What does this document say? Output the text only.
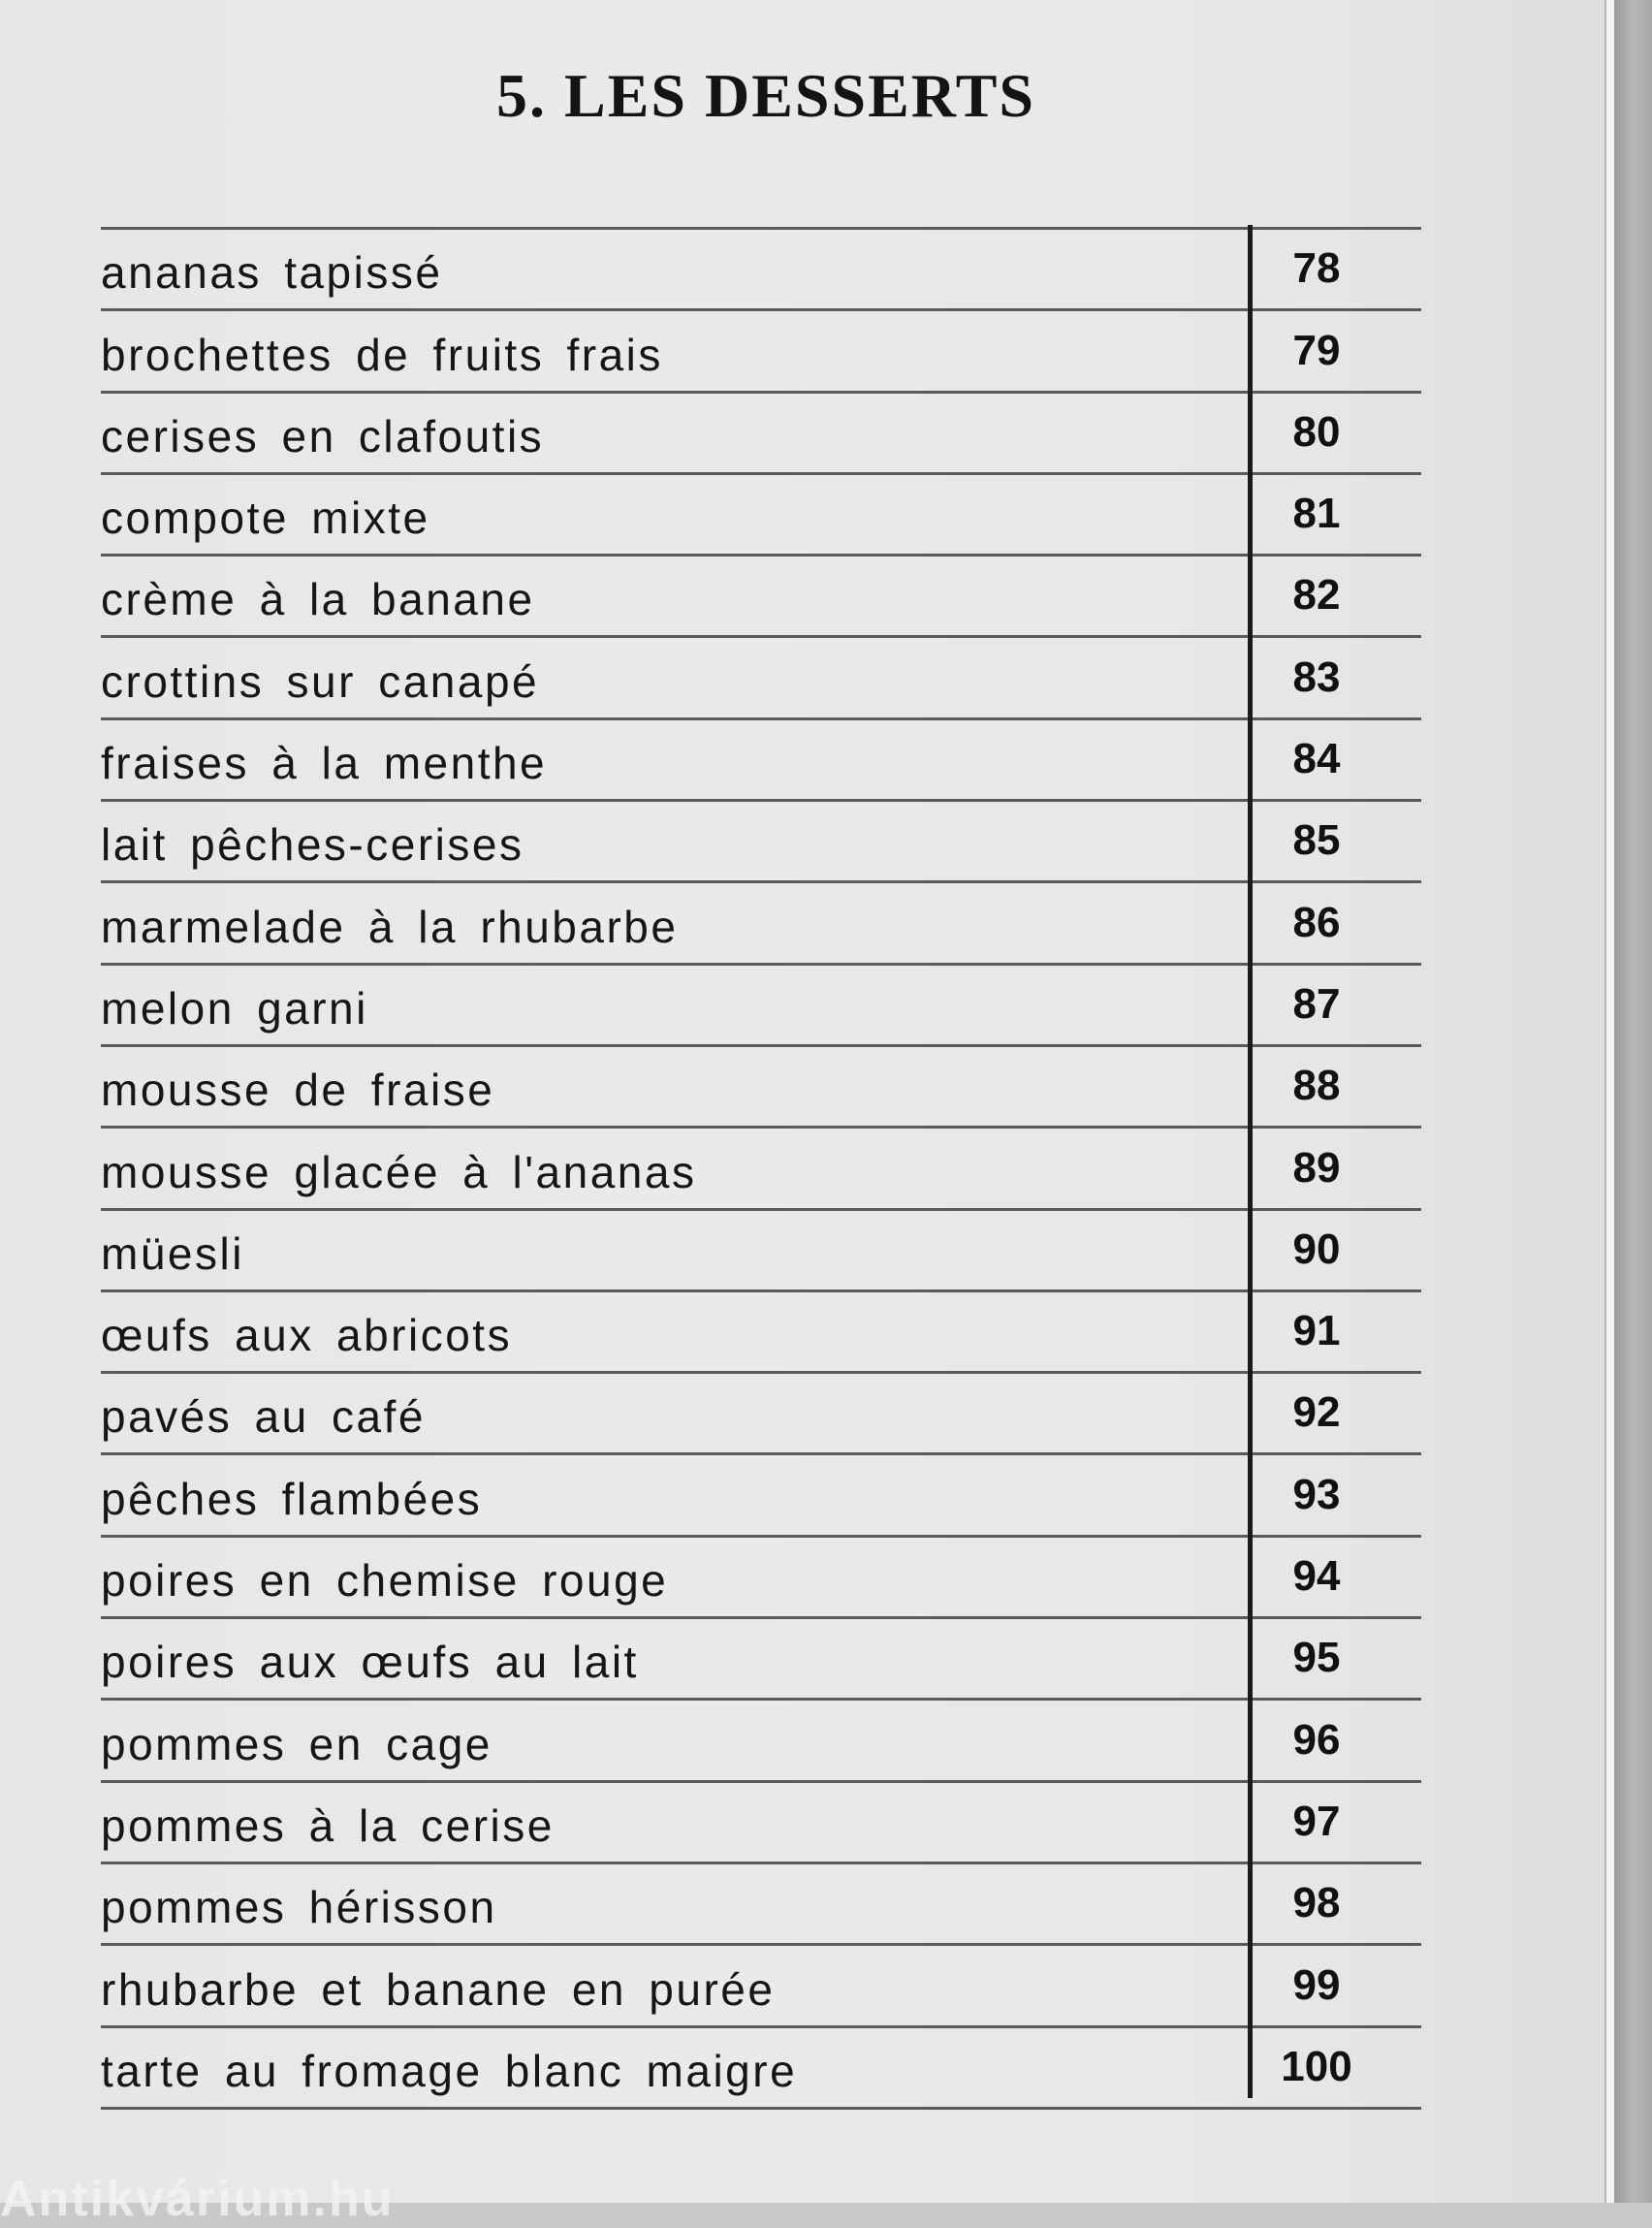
5. LES DESSERTS
ananas tapissé	78
brochettes de fruits frais	79
cerises en clafoutis	80
compote mixte	81
crème à la banane	82
crottins sur canapé	83
fraises à la menthe	84
lait pêches-cerises	85
marmelade à la rhubarbe	86
melon garni	87
mousse de fraise	88
mousse glacée à l'ananas	89
müesli	90
œufs aux abricots	91
pavés au café	92
pêches flambées	93
poires en chemise rouge	94
poires aux œufs au lait	95
pommes en cage	96
pommes à la cerise	97
pommes hérisson	98
rhubarbe et banane en purée	99
tarte au fromage blanc maigre	100
Antikvárium.hu
